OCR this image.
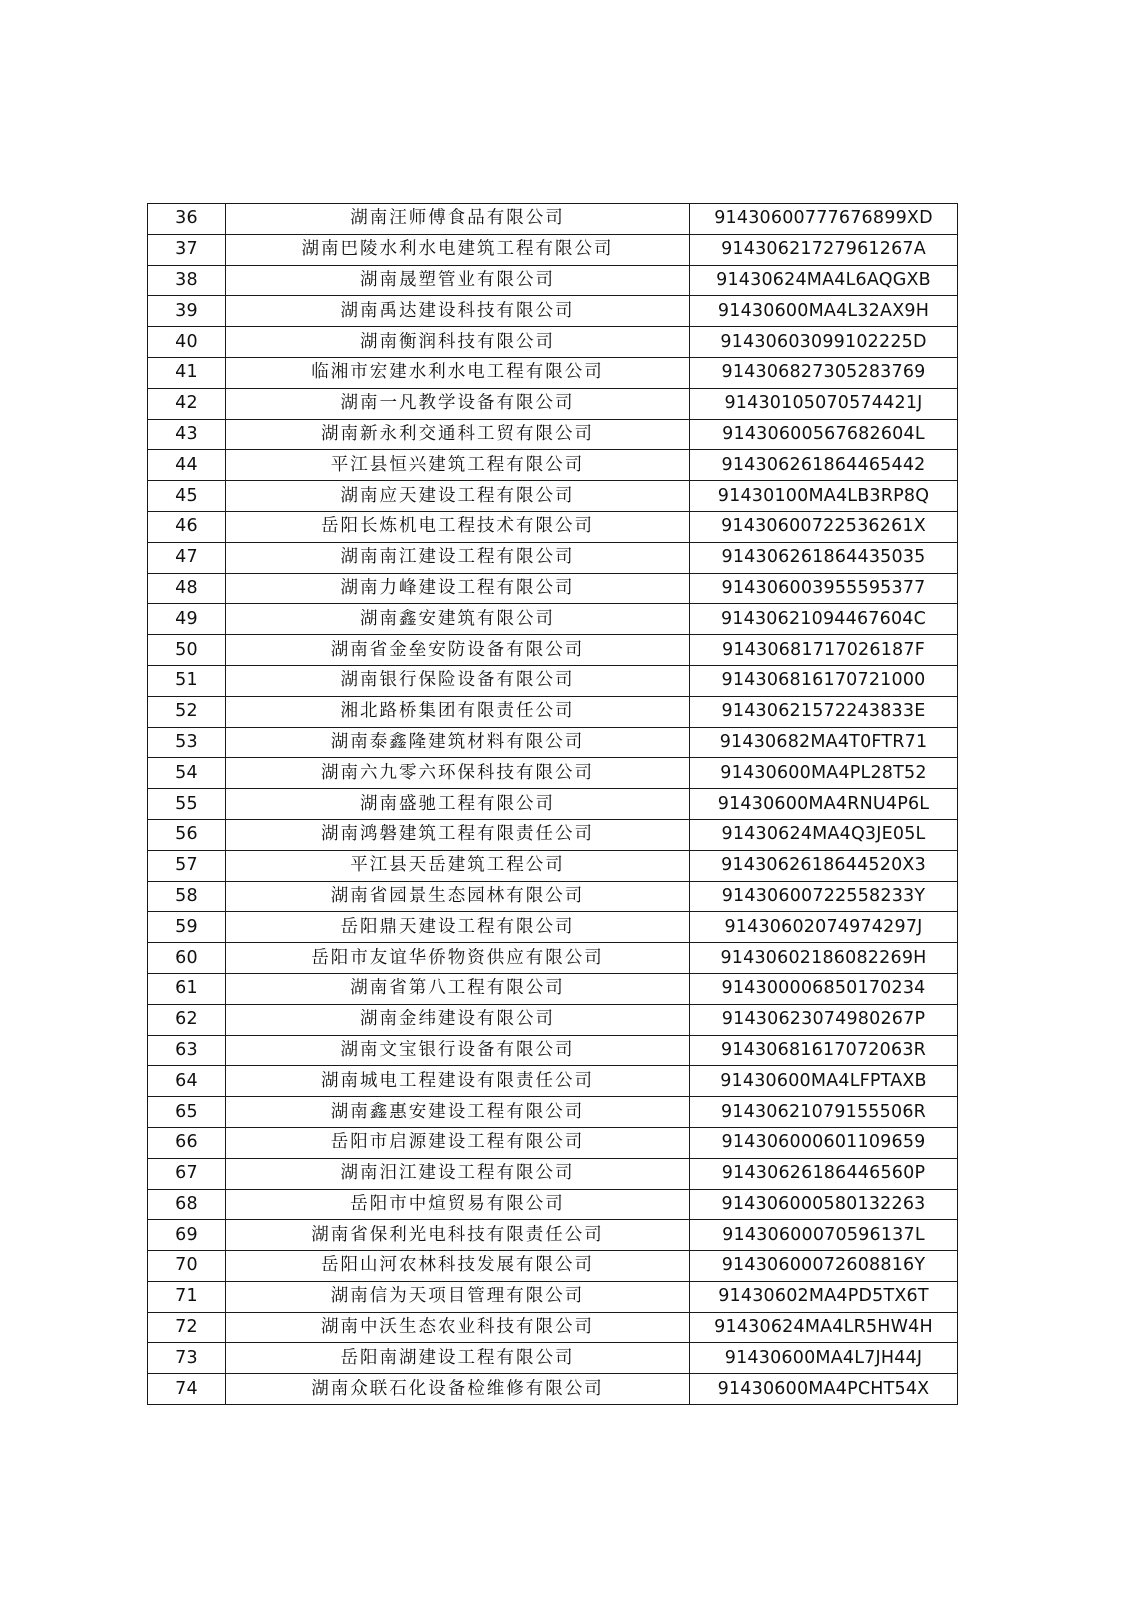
36	湖南汪师傅食品有限公司	91430600777676899XD
37	湖南巴陵水利水电建筑工程有限公司	91430621727961267A
38	湖南晟塑管业有限公司	91430624MA4L6AQGXB
39	湖南禹达建设科技有限公司	91430600MA4L32AX9H
40	湖南衡润科技有限公司	91430603099102225D
41	临湘市宏建水利水电工程有限公司	914306827305283769
42	湖南一凡教学设备有限公司	91430105070574421J
43	湖南新永利交通科工贸有限公司	91430600567682604L
44	平江县恒兴建筑工程有限公司	914306261864465442
45	湖南应天建设工程有限公司	91430100MA4LB3RP8Q
46	岳阳长炼机电工程技术有限公司	91430600722536261X
47	湖南南江建设工程有限公司	914306261864435035
48	湖南力峰建设工程有限公司	914306003955595377
49	湖南鑫安建筑有限公司	91430621094467604C
50	湖南省金垒安防设备有限公司	91430681717026187F
51	湖南银行保险设备有限公司	914306816170721000
52	湘北路桥集团有限责任公司	91430621572243833E
53	湖南泰鑫隆建筑材料有限公司	91430682MA4T0FTR71
54	湖南六九零六环保科技有限公司	91430600MA4PL28T52
55	湖南盛驰工程有限公司	91430600MA4RNU4P6L
56	湖南鸿磐建筑工程有限责任公司	91430624MA4Q3JE05L
57	平江县天岳建筑工程公司	9143062618644520X3
58	湖南省园景生态园林有限公司	91430600722558233Y
59	岳阳鼎天建设工程有限公司	91430602074974297J
60	岳阳市友谊华侨物资供应有限公司	91430602186082269H
61	湖南省第八工程有限公司	914300006850170234
62	湖南金纬建设有限公司	91430623074980267P
63	湖南文宝银行设备有限公司	91430681617072063R
64	湖南城电工程建设有限责任公司	91430600MA4LFPTAXB
65	湖南鑫惠安建设工程有限公司	91430621079155506R
66	岳阳市启源建设工程有限公司	914306000601109659
67	湖南汨江建设工程有限公司	91430626186446560P
68	岳阳市中煊贸易有限公司	914306000580132263
69	湖南省保利光电科技有限责任公司	91430600070596137L
70	岳阳山河农林科技发展有限公司	91430600072608816Y
71	湖南信为天项目管理有限公司	91430602MA4PD5TX6T
72	湖南中沃生态农业科技有限公司	91430624MA4LR5HW4H
73	岳阳南湖建设工程有限公司	91430600MA4L7JH44J
74	湖南众联石化设备检维修有限公司	91430600MA4PCHT54X
